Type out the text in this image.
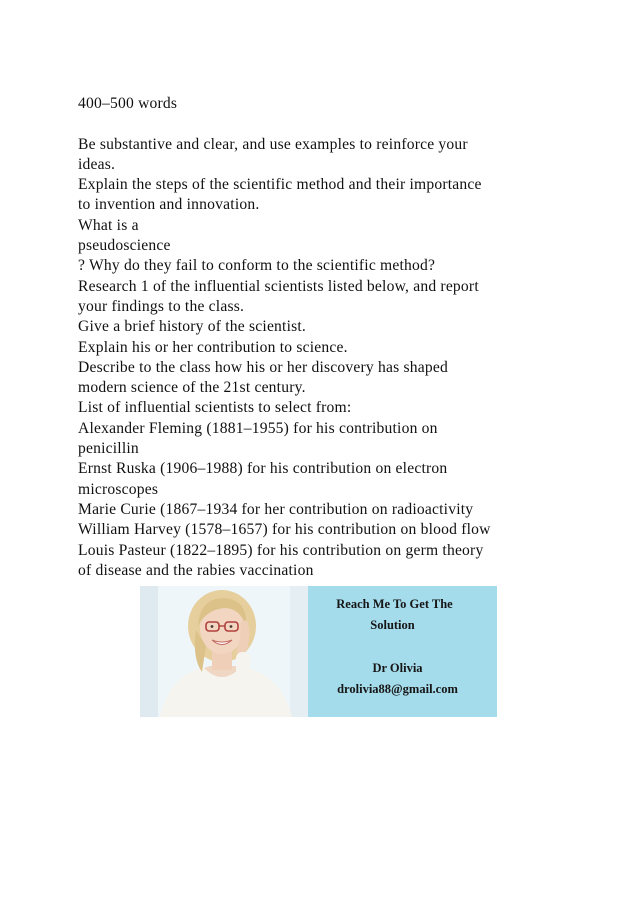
400–500 words
Be substantive and clear, and use examples to reinforce your
ideas.
Explain the steps of the scientific method and their importance
to invention and innovation.
What is a
pseudoscience
? Why do they fail to conform to the scientific method?
Research 1 of the influential scientists listed below, and report
your findings to the class.
Give a brief history of the scientist.
Explain his or her contribution to science.
Describe to the class how his or her discovery has shaped
modern science of the 21st century.
List of influential scientists to select from:
Alexander Fleming (1881–1955) for his contribution on
penicillin
Ernst Ruska (1906–1988) for his contribution on electron
microscopes
Marie Curie (1867–1934 for her contribution on radioactivity
William Harvey (1578–1657) for his contribution on blood flow
Louis Pasteur (1822–1895) for his contribution on germ theory
of disease and the rabies vaccination
Reach Me To Get The
Solution
Dr Olivia
drolivia88@gmail.com
